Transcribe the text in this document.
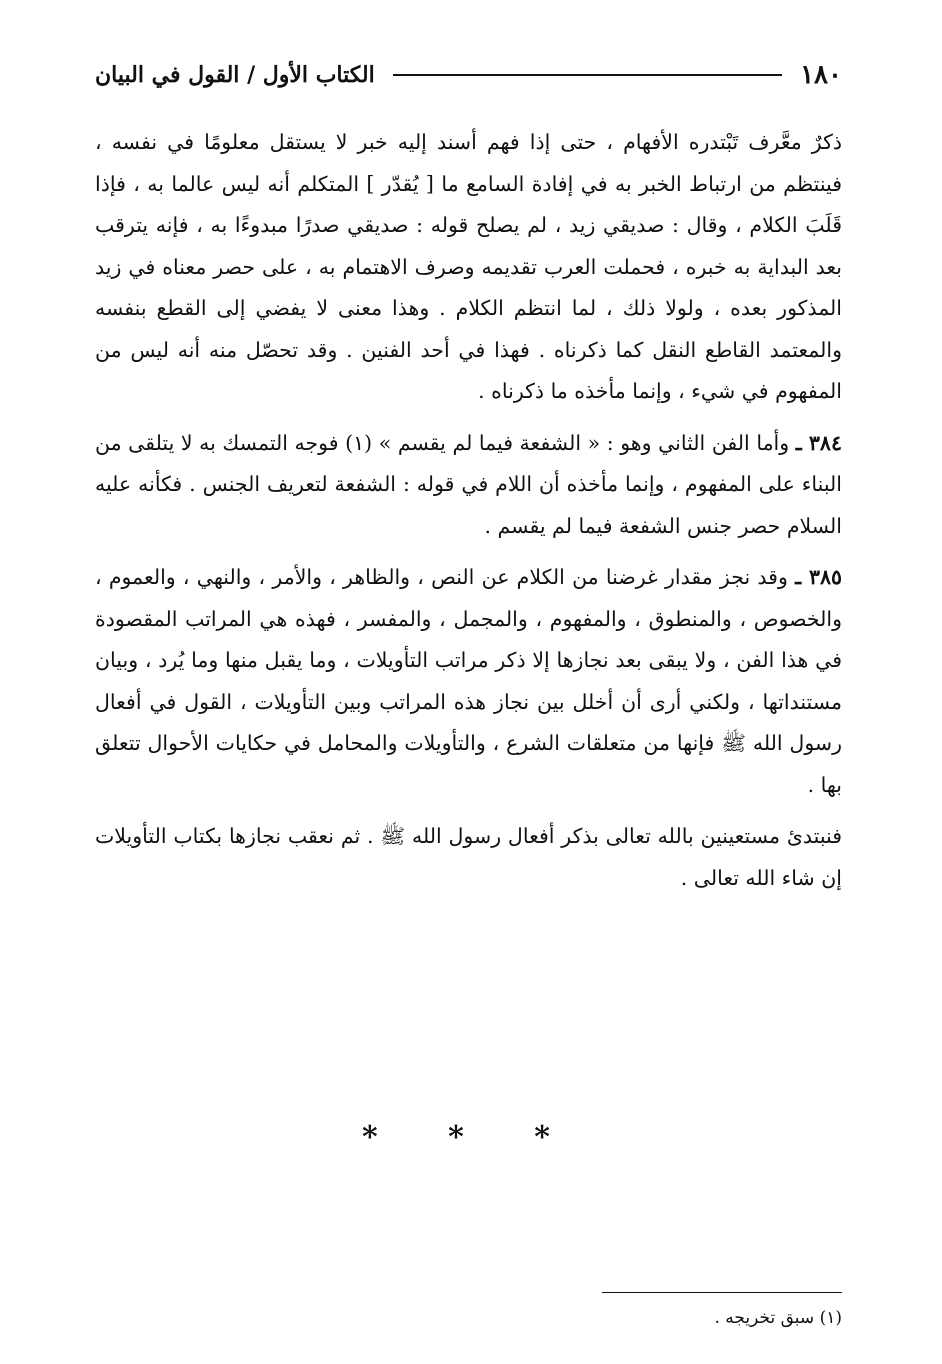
١٨٠
الكتاب الأول / القول في البيان

ذكرٌ معَّرف تَبْتدره الأفهام ، حتى إذا فهم أسند إليه خبر لا يستقل معلومًا في نفسه ، فينتظم من ارتباط الخبر به في إفادة السامع ما [ يُقدّر ] المتكلم أنه ليس عالما به ، فإذا قَلَبَ الكلام ، وقال : صديقي زيد ، لم يصلح قوله : صديقي صدرًا مبدوءًا به ، فإنه يترقب بعد البداية به خبره ، فحملت العرب تقديمه وصرف الاهتمام به ، على حصر معناه في زيد المذكور بعده ، ولولا ذلك ، لما انتظم الكلام . وهذا معنى لا يفضي إلى القطع بنفسه والمعتمد القاطع النقل كما ذكرناه . فهذا في أحد الفنين . وقد تحصّل منه أنه ليس من المفهوم في شيء ، وإنما مأخذه ما ذكرناه .

٣٨٤ ـ وأما الفن الثاني وهو : « الشفعة فيما لم يقسم » (١) فوجه التمسك به لا يتلقى من البناء على المفهوم ، وإنما مأخذه أن اللام في قوله : الشفعة لتعريف الجنس . فكأنه عليه السلام حصر جنس الشفعة فيما لم يقسم .

٣٨٥ ـ وقد نجز مقدار غرضنا من الكلام عن النص ، والظاهر ، والأمر ، والنهي ، والعموم ، والخصوص ، والمنطوق ، والمفهوم ، والمجمل ، والمفسر ، فهذه هي المراتب المقصودة في هذا الفن ، ولا يبقى بعد نجازها إلا ذكر مراتب التأويلات ، وما يقبل منها وما يُرد ، وبيان مستنداتها ، ولكني أرى أن أخلل بين نجاز هذه المراتب وبين التأويلات ، القول في أفعال رسول الله ﷺ فإنها من متعلقات الشرع ، والتأويلات والمحامل في حكايات الأحوال تتعلق بها .

فنبتدئ مستعينين بالله تعالى بذكر أفعال رسول الله ﷺ . ثم نعقب نجازها بكتاب التأويلات إن شاء الله تعالى .

* * *
(١) سبق تخريجه .
